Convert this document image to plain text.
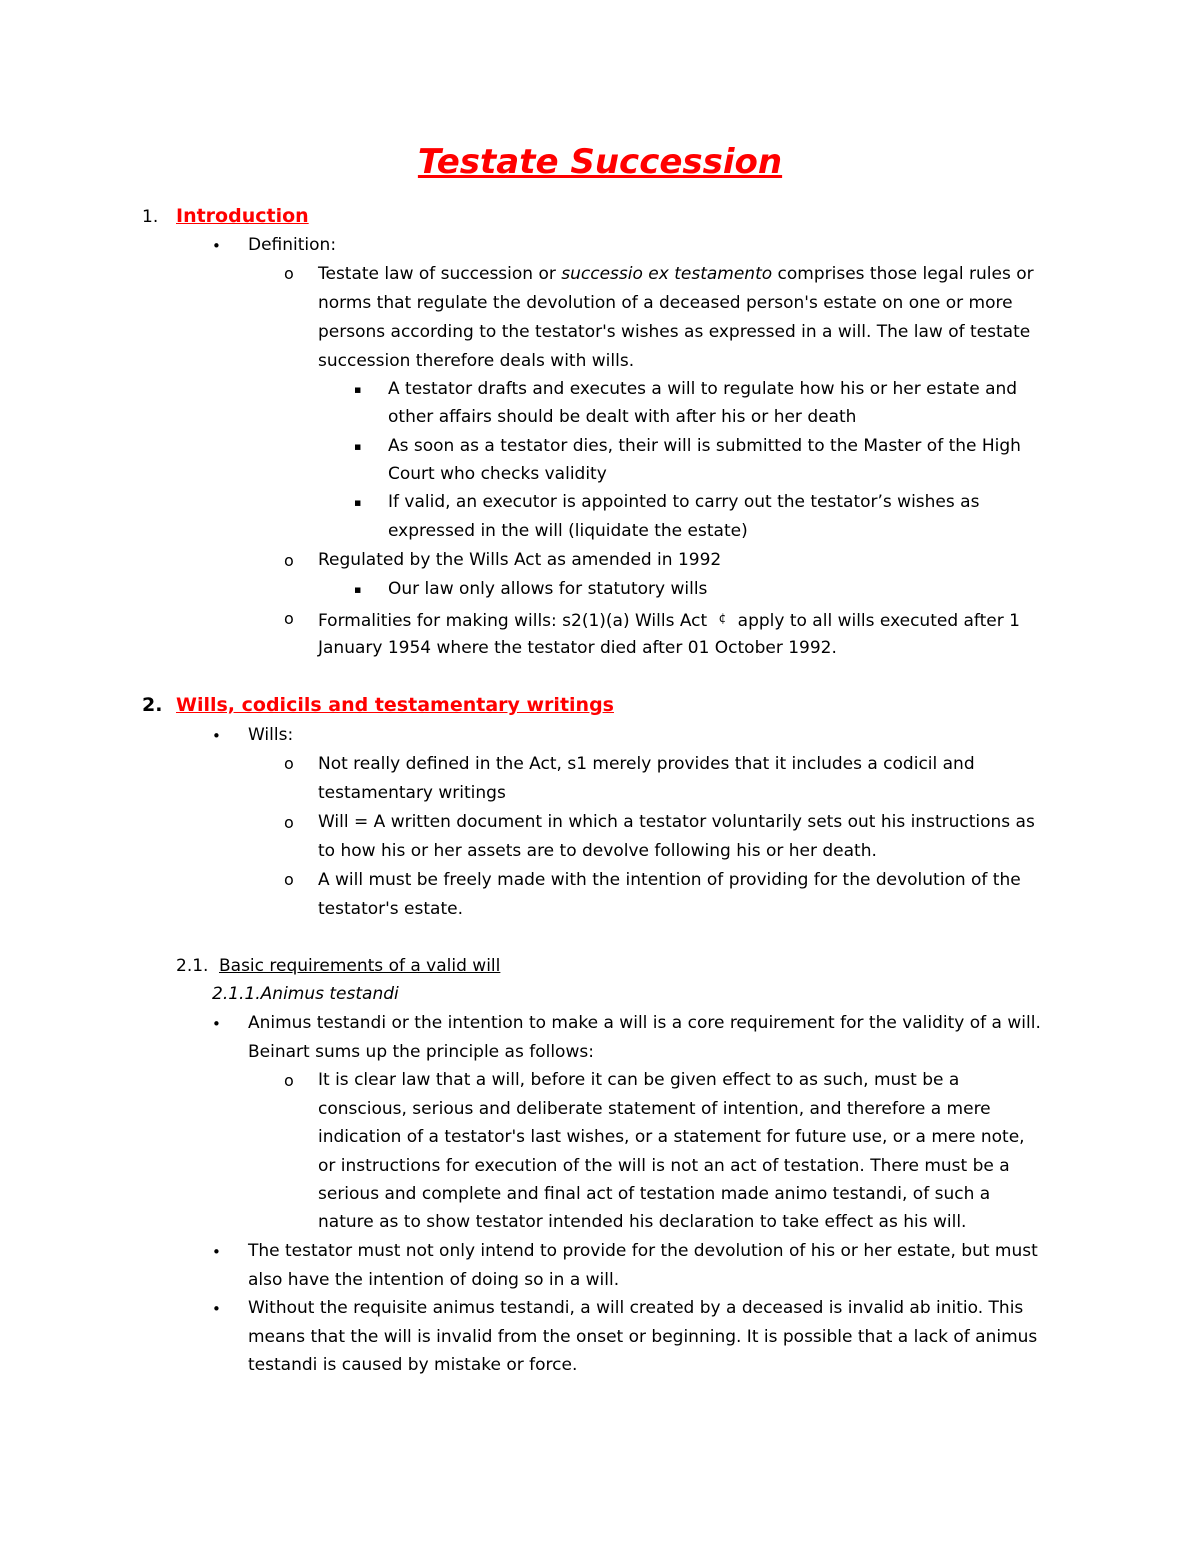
Testate Succession
1. Introduction
• Definition:
o Testate law of succession or successio ex testamento comprises those legal rules or
norms that regulate the devolution of a deceased person's estate on one or more
persons according to the testator's wishes as expressed in a will. The law of testate
succession therefore deals with wills.
▪ A testator drafts and executes a will to regulate how his or her estate and
other affairs should be dealt with after his or her death
▪ As soon as a testator dies, their will is submitted to the Master of the High
Court who checks validity
▪ If valid, an executor is appointed to carry out the testator’s wishes as
expressed in the will (liquidate the estate)
o Regulated by the Wills Act as amended in 1992
▪ Our law only allows for statutory wills
o Formalities for making wills: s2(1)(a) Wills Act ¢ apply to all wills executed after 1
January 1954 where the testator died after 01 October 1992.
2. Wills, codicils and testamentary writings
• Wills:
o Not really defined in the Act, s1 merely provides that it includes a codicil and
testamentary writings
o Will = A written document in which a testator voluntarily sets out his instructions as
to how his or her assets are to devolve following his or her death.
o A will must be freely made with the intention of providing for the devolution of the
testator's estate.
2.1. Basic requirements of a valid will
2.1.1.Animus testandi
• Animus testandi or the intention to make a will is a core requirement for the validity of a will.
Beinart sums up the principle as follows:
o It is clear law that a will, before it can be given effect to as such, must be a
conscious, serious and deliberate statement of intention, and therefore a mere
indication of a testator's last wishes, or a statement for future use, or a mere note,
or instructions for execution of the will is not an act of testation. There must be a
serious and complete and final act of testation made animo testandi, of such a
nature as to show testator intended his declaration to take effect as his will.
• The testator must not only intend to provide for the devolution of his or her estate, but must
also have the intention of doing so in a will.
• Without the requisite animus testandi, a will created by a deceased is invalid ab initio. This
means that the will is invalid from the onset or beginning. It is possible that a lack of animus
testandi is caused by mistake or force.
